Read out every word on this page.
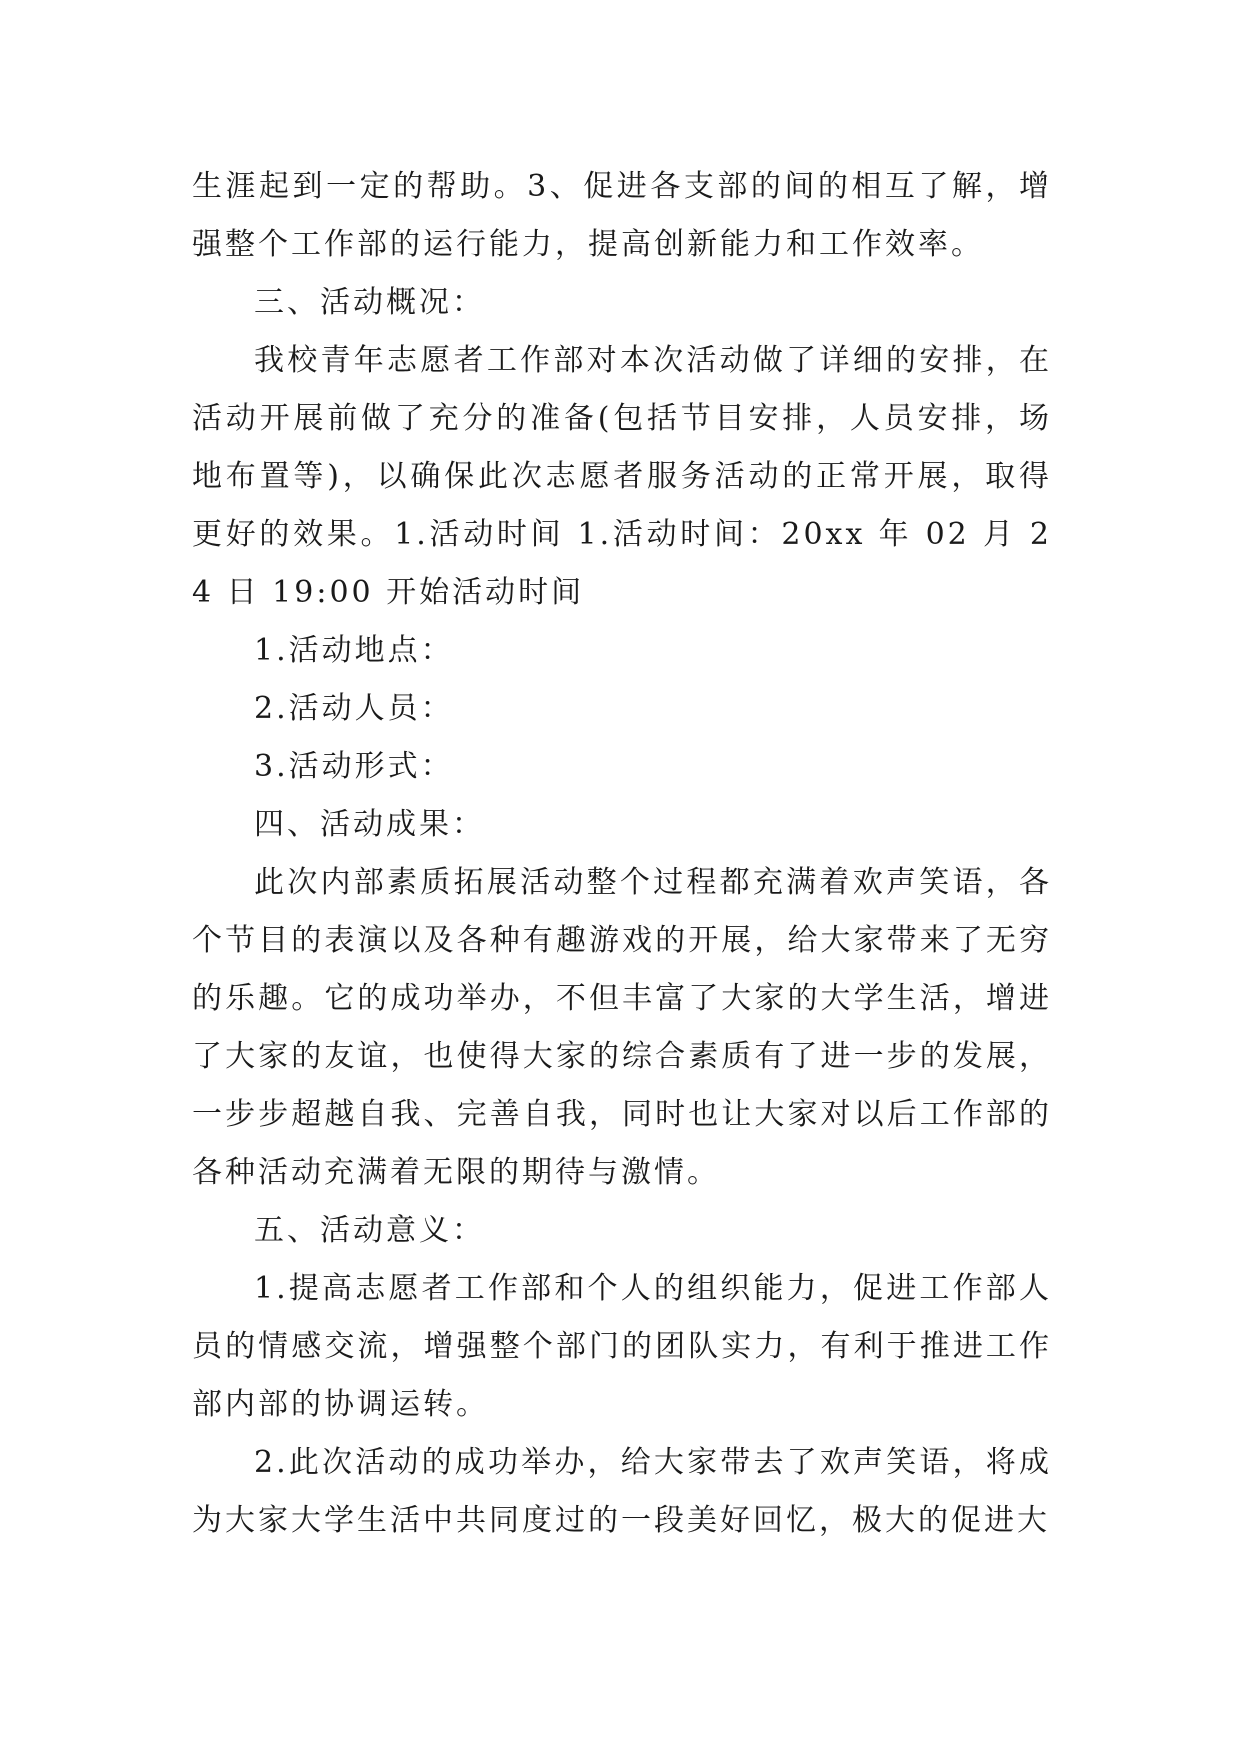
生涯起到一定的帮助。3、促进各支部的间的相互了解，增强整个工作部的运行能力，提高创新能力和工作效率。

三、活动概况：

我校青年志愿者工作部对本次活动做了详细的安排，在活动开展前做了充分的准备(包括节目安排，人员安排，场地布置等)，以确保此次志愿者服务活动的正常开展，取得更好的效果。1.活动时间 1.活动时间：20xx 年 02 月 24 日 19:00 开始活动时间

1.活动地点：

2.活动人员：

3.活动形式：

四、活动成果：

此次内部素质拓展活动整个过程都充满着欢声笑语，各个节目的表演以及各种有趣游戏的开展，给大家带来了无穷的乐趣。它的成功举办，不但丰富了大家的大学生活，增进了大家的友谊，也使得大家的综合素质有了进一步的发展，一步步超越自我、完善自我，同时也让大家对以后工作部的各种活动充满着无限的期待与激情。

五、活动意义：

1.提高志愿者工作部和个人的组织能力，促进工作部人员的情感交流，增强整个部门的团队实力，有利于推进工作部内部的协调运转。

2.此次活动的成功举办，给大家带去了欢声笑语，将成为大家大学生活中共同度过的一段美好回忆，极大的促进大
